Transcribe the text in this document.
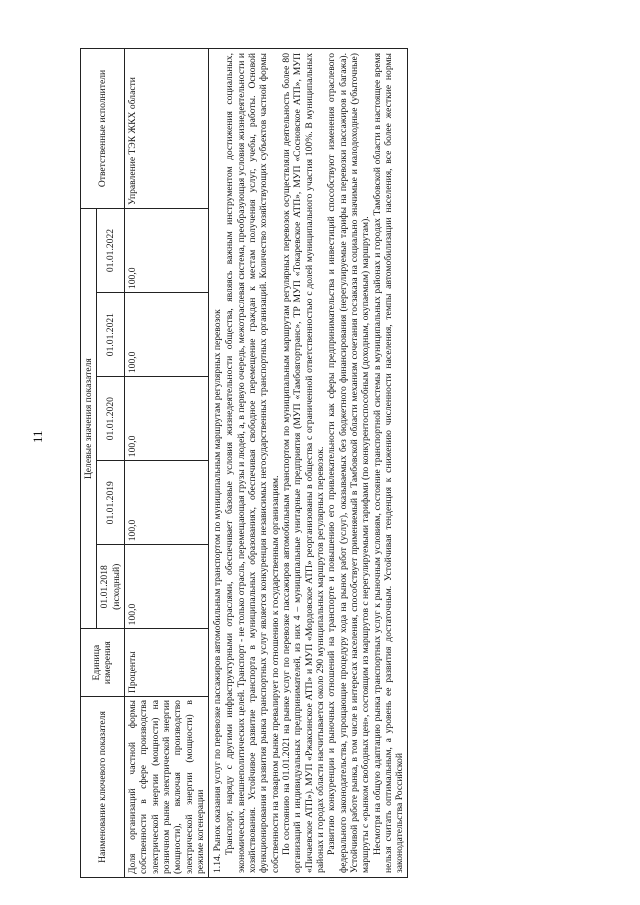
11
Наименование ключевого показателя	Единица измерения	Целевые значения показателя					Ответственные исполнители
		01.01.2018 (исходный)	01.01.2019	01.01.2020	01.01.2021	01.01.2022	
Доля организаций частной формы собственности в сфере производства электрической энергии (мощности) на розничном рынке электрической энергии (мощности), включая производство электрической энергии (мощности) в режиме когенерации	Проценты	100,0	100,0	100,0	100,0	100,0	Управление ТЭК ЖКХ области
1.14. Рынок оказания услуг по перевозке пассажиров автомобильным транспортом по муниципальным маршрутам регулярных перевозок Транспорт, наряду с другими инфраструктурными отраслями, обеспечивает базовые условия жизнедеятельности общества, являясь важным инструментом достижения социальных, экономических, внешнеполитических целей. Транспорт - не только отрасль, перемещающая грузы и людей, а, в первую очередь, межотраслевая система, преобразующая условия жизнедеятельности и хозяйствования. Устойчивое развитие транспорта в муниципальных образованиях, обеспечивая свободное перемещение граждан к местам получения услуг, учебы, работы. Основой функционирования и развития рынка транспортных услуг является конкуренция независимых негосударственных транспортных организаций. Количество хозяйствующих субъектов частной формы собственности на товарном рынке превалирует по отношению к государственным организациям. По состоянию на 01.01.2021 на рынке услуг по перевозке пассажиров автомобильным транспортом по муниципальным маршрутам регулярных перевозок осуществляли деятельность более 80 организаций и индивидуальных предпринимателей, из них 4 – муниципальные унитарные предприятия (МУП «Тамбовгортранс», ТР МУП «Токаревское АТП», МУП «Сосновское АТП», МУП «Пичаевское АТП»). МУП «Ржаксинское АТП» и МУП «Мордовское АТП» реорганизованы в общества с ограниченной ответственностью с долей муниципального участия 100%. В муниципальных районах и городах области насчитывается около 290 муниципальных маршрутов регулярных перевозок. Развитию конкуренции и рыночных отношений на транспорте и повышению его привлекательности как сферы предпринимательства и инвестиций способствуют изменения отраслевого федерального законодательства, упрощающие процедуру хода на рынок работ (услуг), оказываемых без бюджетного финансирования (нерегулируемые тарифы на перевозки пассажиров и багажа). Устойчивой работе рынка, в том числе в интересах населения, способствует применяемый в Тамбовской области механизм сочетания госзаказа на социально значимые и малодоходные (убыточные) маршруты с «рынком свободных цен», состоящим из маршрутов с нерегулируемыми тарифами (по конкурентоспособным (доходным, окупаемым) маршрутам). Несмотря на общую адаптацию рынка транспортных услуг к рыночным условиям, состояние транспортной системы в муниципальных районах и городах Тамбовской области в настоящее время нельзя считать оптимальным, а уровень ее развития достаточным. Устойчивая тенденция к снижению численности населения, темпы автомобилизации населения, все более жесткие нормы законодательства Российской
